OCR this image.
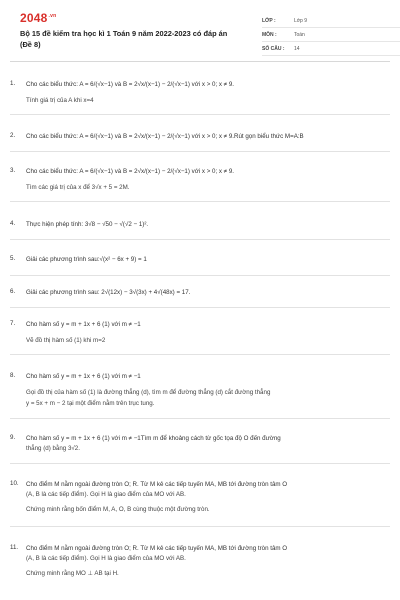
$2048^{.vn}$
Bộ 15 đề kiểm tra học kì 1 Toán 9 năm 2022-2023 có đáp án (Đề 8)
LỚP :	Lớp 9
MÔN :	Toán
SỐ CÂU :	14
1.	Cho các biểu thức: A = 6/(√x−1) và B = 2√x/(x−1) − 2/(√x−1) với x > 0; x ≠ 9.
Tính giá trị của A khi x=4
2.	Cho các biểu thức: A = 6/(√x−1) và B = 2√x/(x−1) − 2/(√x−1) với x > 0; x ≠ 9.Rút gọn biểu thức M=A:B
3.	Cho các biểu thức: A = 6/(√x−1) và B = 2√x/(x−1) − 2/(√x−1) với x > 0; x ≠ 9.
Tìm các giá trị của x để 3√x + 5 = 2M.
4.	Thực hiện phép tính: 3√8 − √50 − √(√2 − 1)².
5.	Giải các phương trình sau:√(x² − 6x + 9) = 1
6.	Giải các phương trình sau: 2√(12x) − 3√(3x) + 4√(48x) = 17.
7.	Cho hàm số y = m + 1x + 6 (1) với m ≠ −1
Vẽ đồ thị hàm số (1) khi m=2
8.	Cho hàm số y = m + 1x + 6 (1) với m ≠ −1
Gọi đồ thị của hàm số (1) là đường thẳng (d), tìm m để đường thẳng (d) cắt đường thẳng
y = 5x + m − 2 tại một điểm nằm trên trục tung.
9.	Cho hàm số y = m + 1x + 6 (1) với m ≠ −1Tìm m để khoảng cách từ gốc tọa độ O đến đường
thẳng (d) bằng 3√2.
10.	Cho điểm M nằm ngoài đường tròn O; R. Từ M kẻ các tiếp tuyến MA, MB tới đường tròn tâm O
(A, B là các tiếp điểm). Gọi H là giao điểm của MO với AB.
Chứng minh rằng bốn điểm M, A, O, B cùng thuộc một đường tròn.
11.	Cho điểm M nằm ngoài đường tròn O; R. Từ M kẻ các tiếp tuyến MA, MB tới đường tròn tâm O
(A, B là các tiếp điểm). Gọi H là giao điểm của MO với AB.
Chứng minh rằng MO ⊥ AB tại H.
